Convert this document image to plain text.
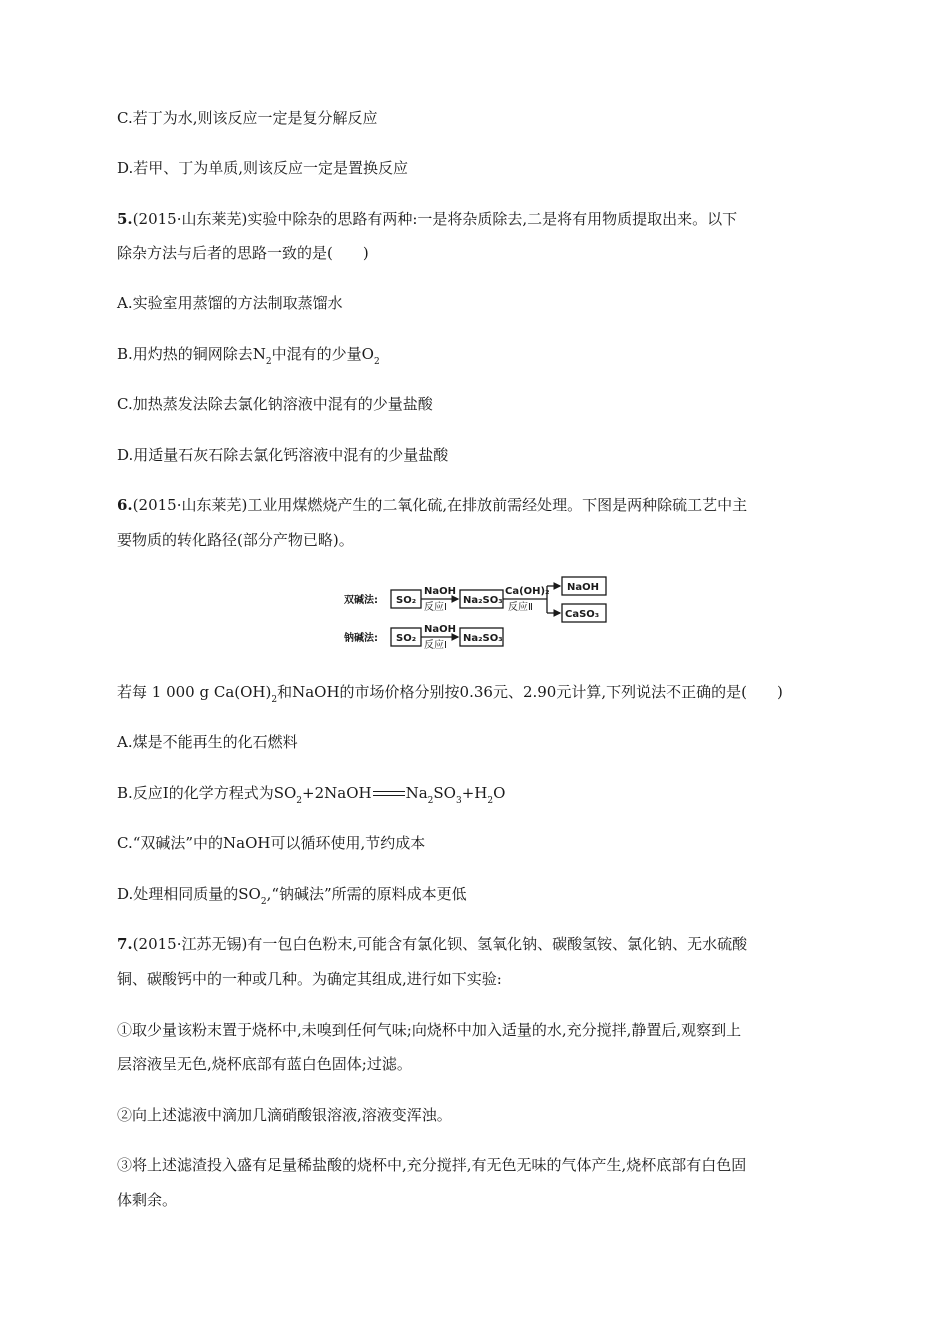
C.若丁为水,则该反应一定是复分解反应
D.若甲、丁为单质,则该反应一定是置换反应
5.(2015·山东莱芜)实验中除杂的思路有两种:一是将杂质除去,二是将有用物质提取出来。以下
除杂方法与后者的思路一致的是(　　)
A.实验室用蒸馏的方法制取蒸馏水
B.用灼热的铜网除去$N_2$中混有的少量$O_2$
C.加热蒸发法除去氯化钠溶液中混有的少量盐酸
D.用适量石灰石除去氯化钙溶液中混有的少量盐酸
6.(2015·山东莱芜)工业用煤燃烧产生的二氧化硫,在排放前需经处理。下图是两种除硫工艺中主
要物质的转化路径(部分产物已略)。
双碱法: SO₂
NaOH
反应Ⅰ
Na₂SO₃
Ca(OH)₂
反应Ⅱ
NaOH
CaSO₃
钠碱法: SO₂
NaOH
反应Ⅰ
Na₂SO₃
若每 1 000 g $Ca(OH)_2$和NaOH的市场价格分别按0.36元、2.90元计算,下列说法不正确的是(　　)
A.煤是不能再生的化石燃料
B.反应Ⅰ的化学方程式为$SO_2+2NaOH$ $Na_2SO_3+H_2O$
C.“双碱法”中的NaOH可以循环使用,节约成本
D.处理相同质量的$SO_2,“$钠碱法”所需的原料成本更低
7.(2015·江苏无锡)有一包白色粉末,可能含有氯化钡、氢氧化钠、碳酸氢铵、氯化钠、无水硫酸
铜、碳酸钙中的一种或几种。为确定其组成,进行如下实验:
①取少量该粉末置于烧杯中,未嗅到任何气味;向烧杯中加入适量的水,充分搅拌,静置后,观察到上
层溶液呈无色,烧杯底部有蓝白色固体;过滤。
②向上述滤液中滴加几滴硝酸银溶液,溶液变浑浊。
③将上述滤渣投入盛有足量稀盐酸的烧杯中,充分搅拌,有无色无味的气体产生,烧杯底部有白色固
体剩余。
